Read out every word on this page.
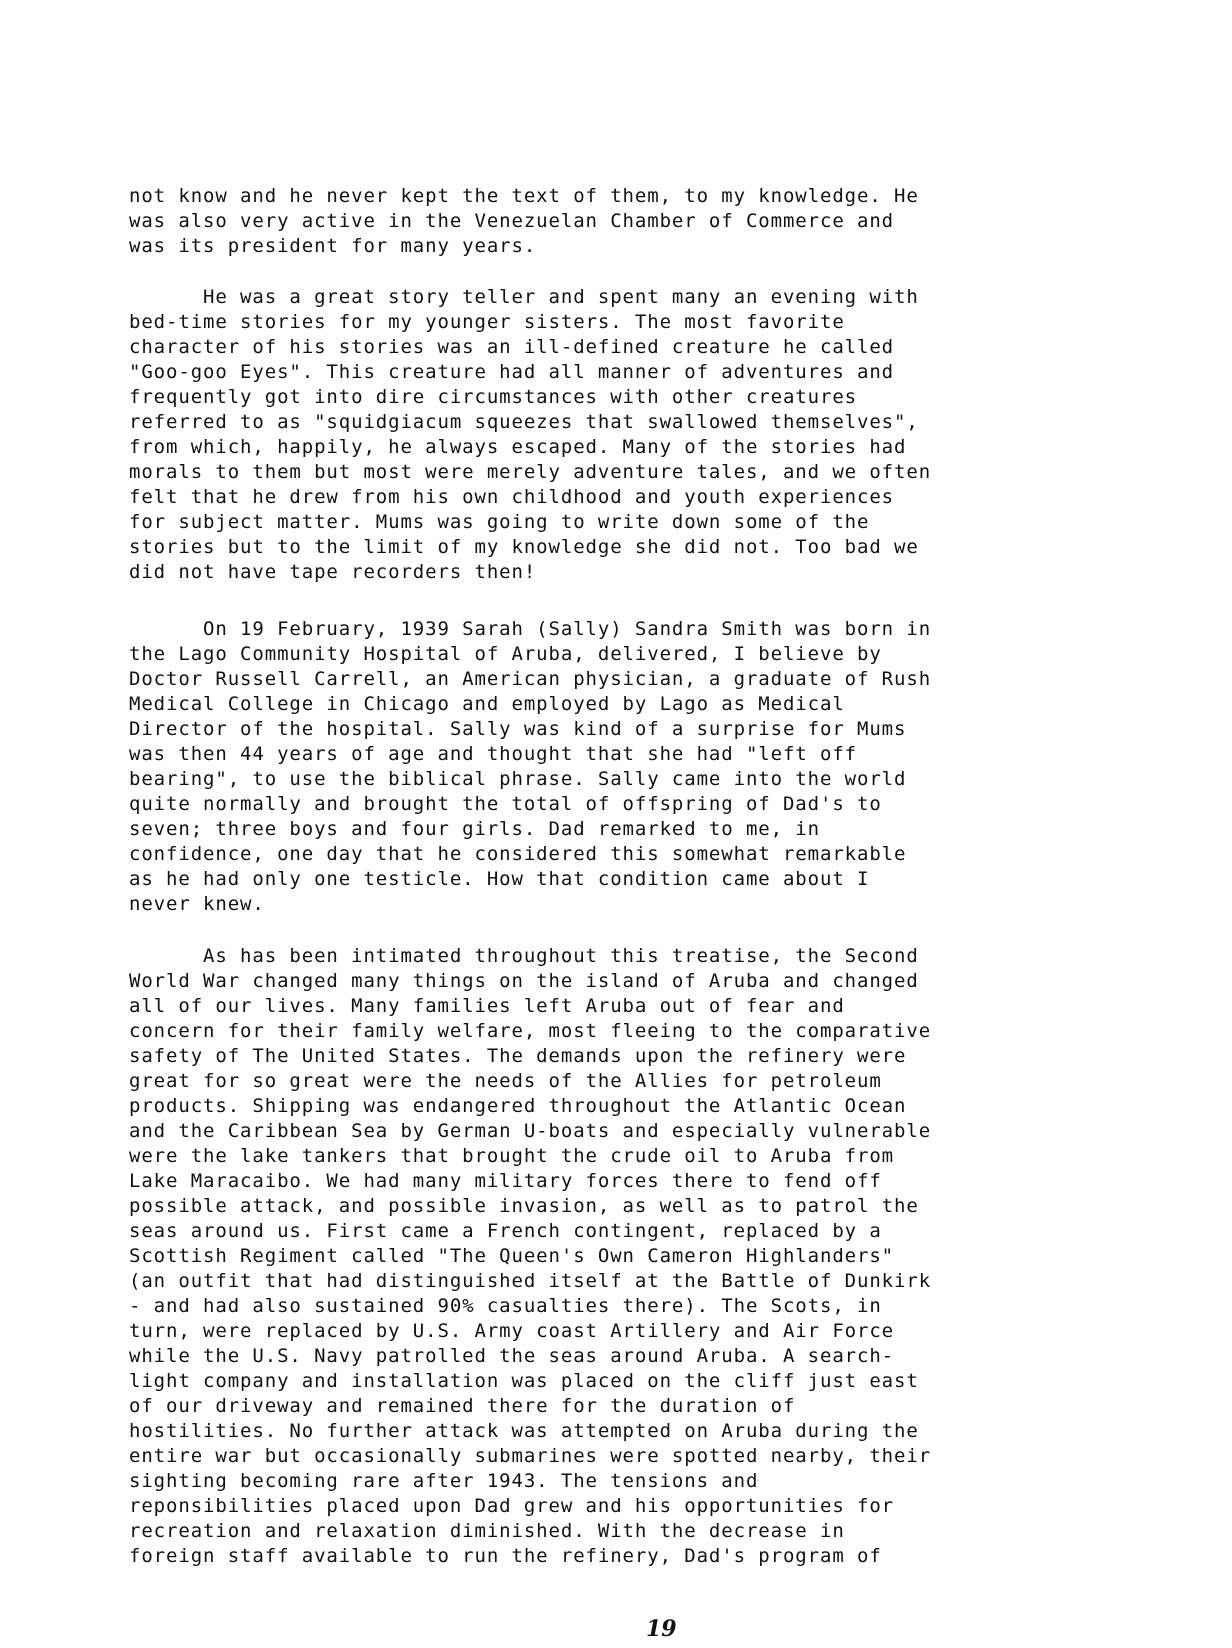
not know and he never kept the text of them, to my knowledge. He
was also very active in the Venezuelan Chamber of Commerce and
was its president for many years.
He was a great story teller and spent many an evening with
bed-time stories for my younger sisters. The most favorite
character of his stories was an ill-defined creature he called
"Goo-goo Eyes". This creature had all manner of adventures and
frequently got into dire circumstances with other creatures
referred to as "squidgiacum squeezes that swallowed themselves",
from which, happily, he always escaped. Many of the stories had
morals to them but most were merely adventure tales, and we often
felt that he drew from his own childhood and youth experiences
for subject matter. Mums was going to write down some of the
stories but to the limit of my knowledge she did not. Too bad we
did not have tape recorders then!
On 19 February, 1939 Sarah (Sally) Sandra Smith was born in
the Lago Community Hospital of Aruba, delivered, I believe by
Doctor Russell Carrell, an American physician, a graduate of Rush
Medical College in Chicago and employed by Lago as Medical
Director of the hospital. Sally was kind of a surprise for Mums
was then 44 years of age and thought that she had "left off
bearing", to use the biblical phrase. Sally came into the world
quite normally and brought the total of offspring of Dad's to
seven; three boys and four girls. Dad remarked to me, in
confidence, one day that he considered this somewhat remarkable
as he had only one testicle. How that condition came about I
never knew.
As has been intimated throughout this treatise, the Second
World War changed many things on the island of Aruba and changed
all of our lives. Many families left Aruba out of fear and
concern for their family welfare, most fleeing to the comparative
safety of The United States. The demands upon the refinery were
great for so great were the needs of the Allies for petroleum
products. Shipping was endangered throughout the Atlantic Ocean
and the Caribbean Sea by German U-boats and especially vulnerable
were the lake tankers that brought the crude oil to Aruba from
Lake Maracaibo. We had many military forces there to fend off
possible attack, and possible invasion, as well as to patrol the
seas around us. First came a French contingent, replaced by a
Scottish Regiment called "The Queen's Own Cameron Highlanders"
(an outfit that had distinguished itself at the Battle of Dunkirk
- and had also sustained 90% casualties there). The Scots, in
turn, were replaced by U.S. Army coast Artillery and Air Force
while the U.S. Navy patrolled the seas around Aruba. A search-
light company and installation was placed on the cliff just east
of our driveway and remained there for the duration of
hostilities. No further attack was attempted on Aruba during the
entire war but occasionally submarines were spotted nearby, their
sighting becoming rare after 1943. The tensions and
reponsibilities placed upon Dad grew and his opportunities for
recreation and relaxation diminished. With the decrease in
foreign staff available to run the refinery, Dad's program of
19
